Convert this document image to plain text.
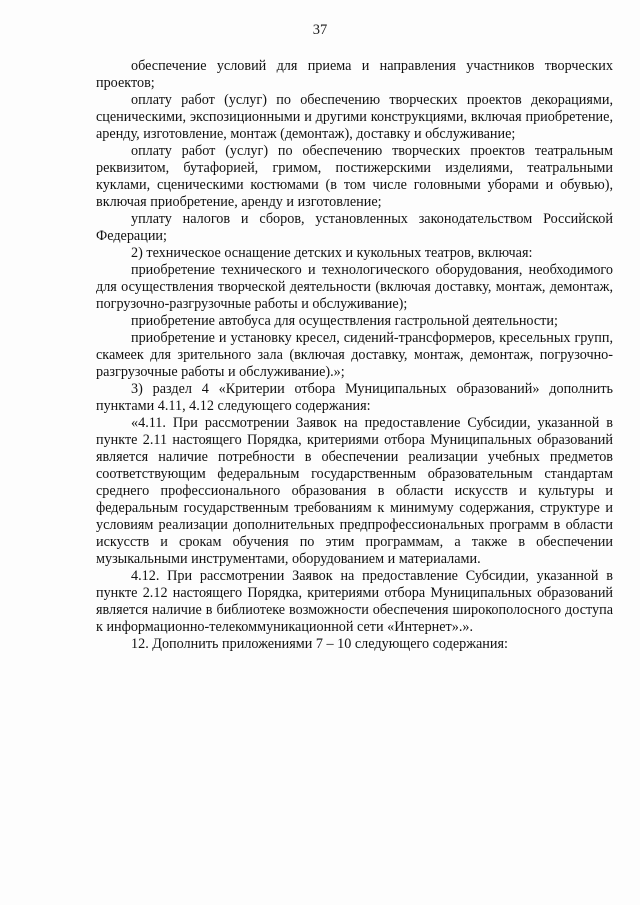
37

обеспечение условий для приема и направления участников творческих проектов;

оплату работ (услуг) по обеспечению творческих проектов декорациями, сценическими, экспозиционными и другими конструкциями, включая приобретение, аренду, изготовление, монтаж (демонтаж), доставку и обслуживание;

оплату работ (услуг) по обеспечению творческих проектов театральным реквизитом, бутафорией, гримом, постижерскими изделиями, театральными куклами, сценическими костюмами (в том числе головными уборами и обувью), включая приобретение, аренду и изготовление;

уплату налогов и сборов, установленных законодательством Российской Федерации;

2) техническое оснащение детских и кукольных театров, включая:

приобретение технического и технологического оборудования, необходимого для осуществления творческой деятельности (включая доставку, монтаж, демонтаж, погрузочно-разгрузочные работы и обслуживание);

приобретение автобуса для осуществления гастрольной деятельности;

приобретение и установку кресел, сидений-трансформеров, кресельных групп, скамеек для зрительного зала (включая доставку, монтаж, демонтаж, погрузочно-разгрузочные работы и обслуживание).»;

3) раздел 4 «Критерии отбора Муниципальных образований» дополнить пунктами 4.11, 4.12 следующего содержания:

«4.11. При рассмотрении Заявок на предоставление Субсидии, указанной в пункте 2.11 настоящего Порядка, критериями отбора Муниципальных образований является наличие потребности в обеспечении реализации учебных предметов соответствующим федеральным государственным образовательным стандартам среднего профессионального образования в области искусств и культуры и федеральным государственным требованиям к минимуму содержания, структуре и условиям реализации дополнительных предпрофессиональных программ в области искусств и срокам обучения по этим программам, а также в обеспечении музыкальными инструментами, оборудованием и материалами.

4.12. При рассмотрении Заявок на предоставление Субсидии, указанной в пункте 2.12 настоящего Порядка, критериями отбора Муниципальных образований является наличие в библиотеке возможности обеспечения широкополосного доступа к информационно-телекоммуникационной сети «Интернет».».

12. Дополнить приложениями 7 – 10 следующего содержания:
